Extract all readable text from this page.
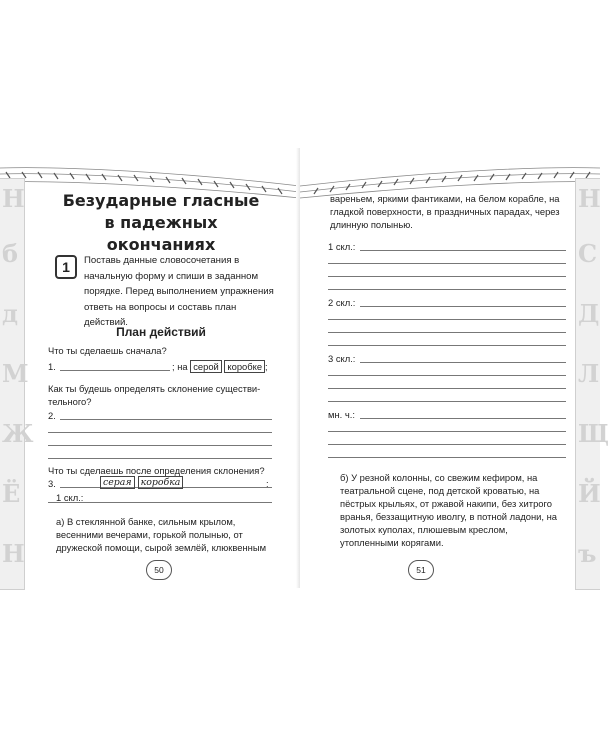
Н
б
д
М
Ж
Ё
Н
Безударные гласные
в падежных окончаниях
1	Поставь данные словосочетания в начальную форму и спиши в заданном порядке. Перед выполнением упражнения ответь на вопросы и составь план действий.
План действий
Что ты сделаешь сначала?
1.	; на серой коробке ;
Как ты будешь определять склонение существи-
тельного?
2.
Что ты сделаешь после определения склонения?
3.	серая коробка	:
1 скл.:
а) В стеклянной банке, сильным крылом, весенними вечерами, горькой полынью, от дружеской помощи, сырой землёй, клюквенным
50
Н
С
Д
Л
Щ
Й
ъ
вареньем, яркими фантиками, на белом корабле, на гладкой поверхности, в праздничных парадах, через длинную полынью.
1 скл.:
2 скл.:
3 скл.:
мн. ч.:
б) У резной колонны, со свежим кефиром, на театральной сцене, под детской кроватью, на пёстрых крыльях, от ржавой накипи, без хитрого вранья, беззащитную иволгу, в потной ладони, на золотых куполах, плюшевым креслом, утопленными корягами.
51
